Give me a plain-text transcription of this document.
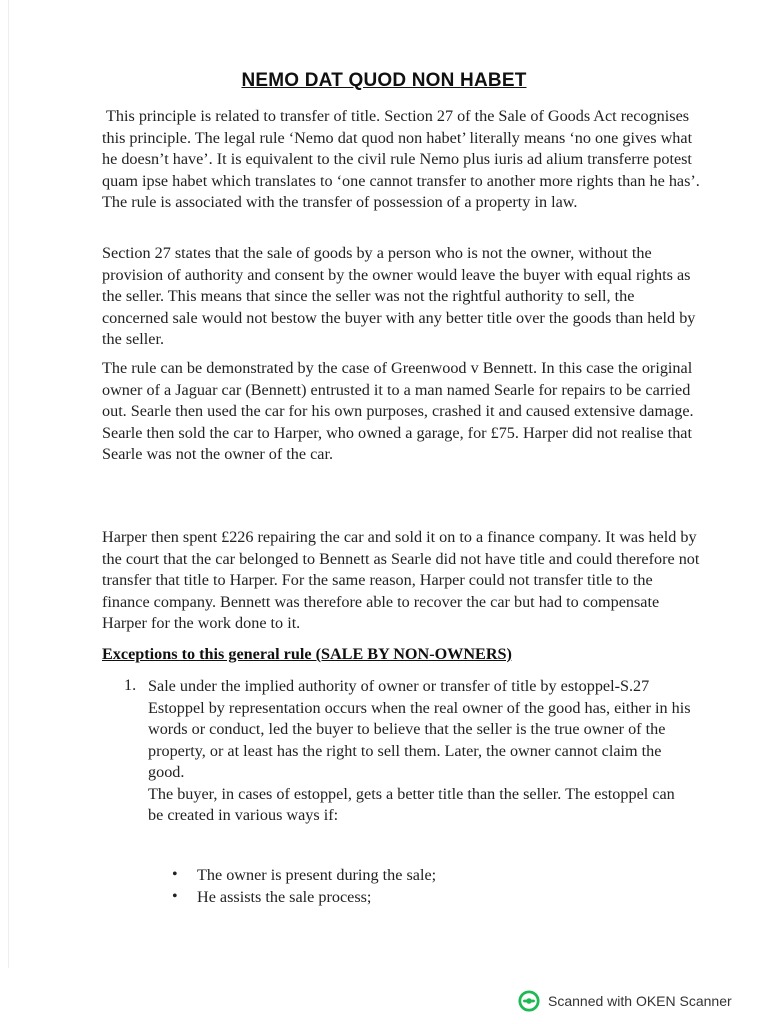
NEMO DAT QUOD NON HABET
This principle is related to transfer of title. Section 27 of the Sale of Goods Act recognises this principle. The legal rule ‘Nemo dat quod non habet’ literally means ‘no one gives what he doesn’t have’. It is equivalent to the civil rule Nemo plus iuris ad alium transferre potest quam ipse habet which translates to ‘one cannot transfer to another more rights than he has’. The rule is associated with the transfer of possession of a property in law.
Section 27 states that the sale of goods by a person who is not the owner, without the provision of authority and consent by the owner would leave the buyer with equal rights as the seller. This means that since the seller was not the rightful authority to sell, the concerned sale would not bestow the buyer with any better title over the goods than held by the seller.
The rule can be demonstrated by the case of Greenwood v Bennett. In this case the original owner of a Jaguar car (Bennett) entrusted it to a man named Searle for repairs to be carried out. Searle then used the car for his own purposes, crashed it and caused extensive damage. Searle then sold the car to Harper, who owned a garage, for £75. Harper did not realise that Searle was not the owner of the car.
Harper then spent £226 repairing the car and sold it on to a finance company. It was held by the court that the car belonged to Bennett as Searle did not have title and could therefore not transfer that title to Harper. For the same reason, Harper could not transfer title to the finance company. Bennett was therefore able to recover the car but had to compensate Harper for the work done to it.
Exceptions to this general rule (SALE BY NON-OWNERS)
1. Sale under the implied authority of owner or transfer of title by estoppel-S.27
Estoppel by representation occurs when the real owner of the good has, either in his words or conduct, led the buyer to believe that the seller is the true owner of the property, or at least has the right to sell them. Later, the owner cannot claim the good.
The buyer, in cases of estoppel, gets a better title than the seller. The estoppel can be created in various ways if:
• The owner is present during the sale;
• He assists the sale process;
Scanned with OKEN Scanner
